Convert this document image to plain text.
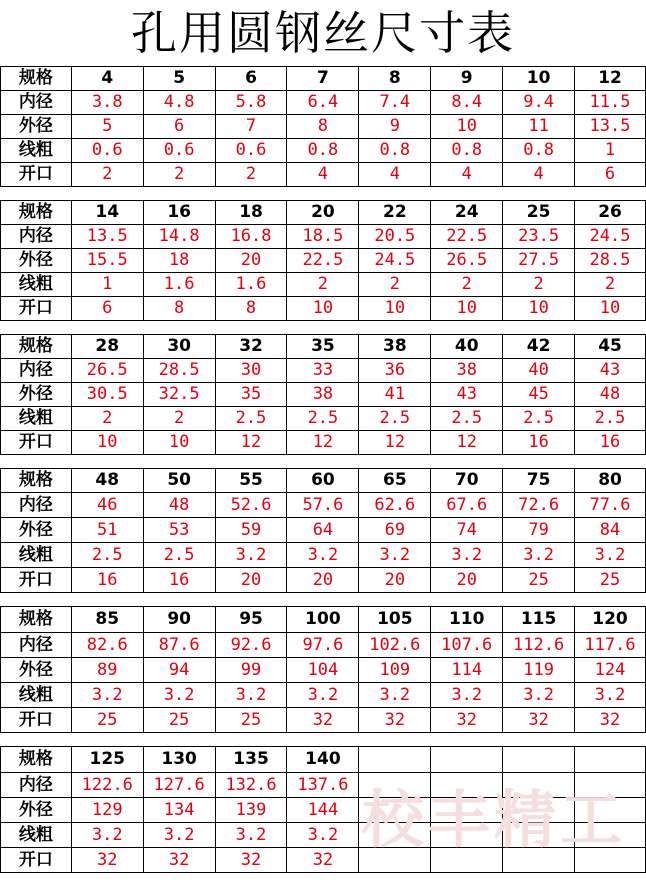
孔用圆钢丝尺寸表
规格	4	5	6	7	8	9	10	12
内径	3.8	4.8	5.8	6.4	7.4	8.4	9.4	11.5
外径	5	6	7	8	9	10	11	13.5
线粗	0.6	0.6	0.6	0.8	0.8	0.8	0.8	1
开口	2	2	2	4	4	4	4	6

规格	14	16	18	20	22	24	25	26
内径	13.5	14.8	16.8	18.5	20.5	22.5	23.5	24.5
外径	15.5	18	20	22.5	24.5	26.5	27.5	28.5
线粗	1	1.6	1.6	2	2	2	2	2
开口	6	8	8	10	10	10	10	10

规格	28	30	32	35	38	40	42	45
内径	26.5	28.5	30	33	36	38	40	43
外径	30.5	32.5	35	38	41	43	45	48
线粗	2	2	2.5	2.5	2.5	2.5	2.5	2.5
开口	10	10	12	12	12	12	16	16

规格	48	50	55	60	65	70	75	80
内径	46	48	52.6	57.6	62.6	67.6	72.6	77.6
外径	51	53	59	64	69	74	79	84
线粗	2.5	2.5	3.2	3.2	3.2	3.2	3.2	3.2
开口	16	16	20	20	20	20	25	25

规格	85	90	95	100	105	110	115	120
内径	82.6	87.6	92.6	97.6	102.6	107.6	112.6	117.6
外径	89	94	99	104	109	114	119	124
线粗	3.2	3.2	3.2	3.2	3.2	3.2	3.2	3.2
开口	25	25	25	32	32	32	32	32

规格	125	130	135	140				
内径	122.6	127.6	132.6	137.6				
外径	129	134	139	144				
线粗	3.2	3.2	3.2	3.2				
开口	32	32	32	32				
校丰精工
